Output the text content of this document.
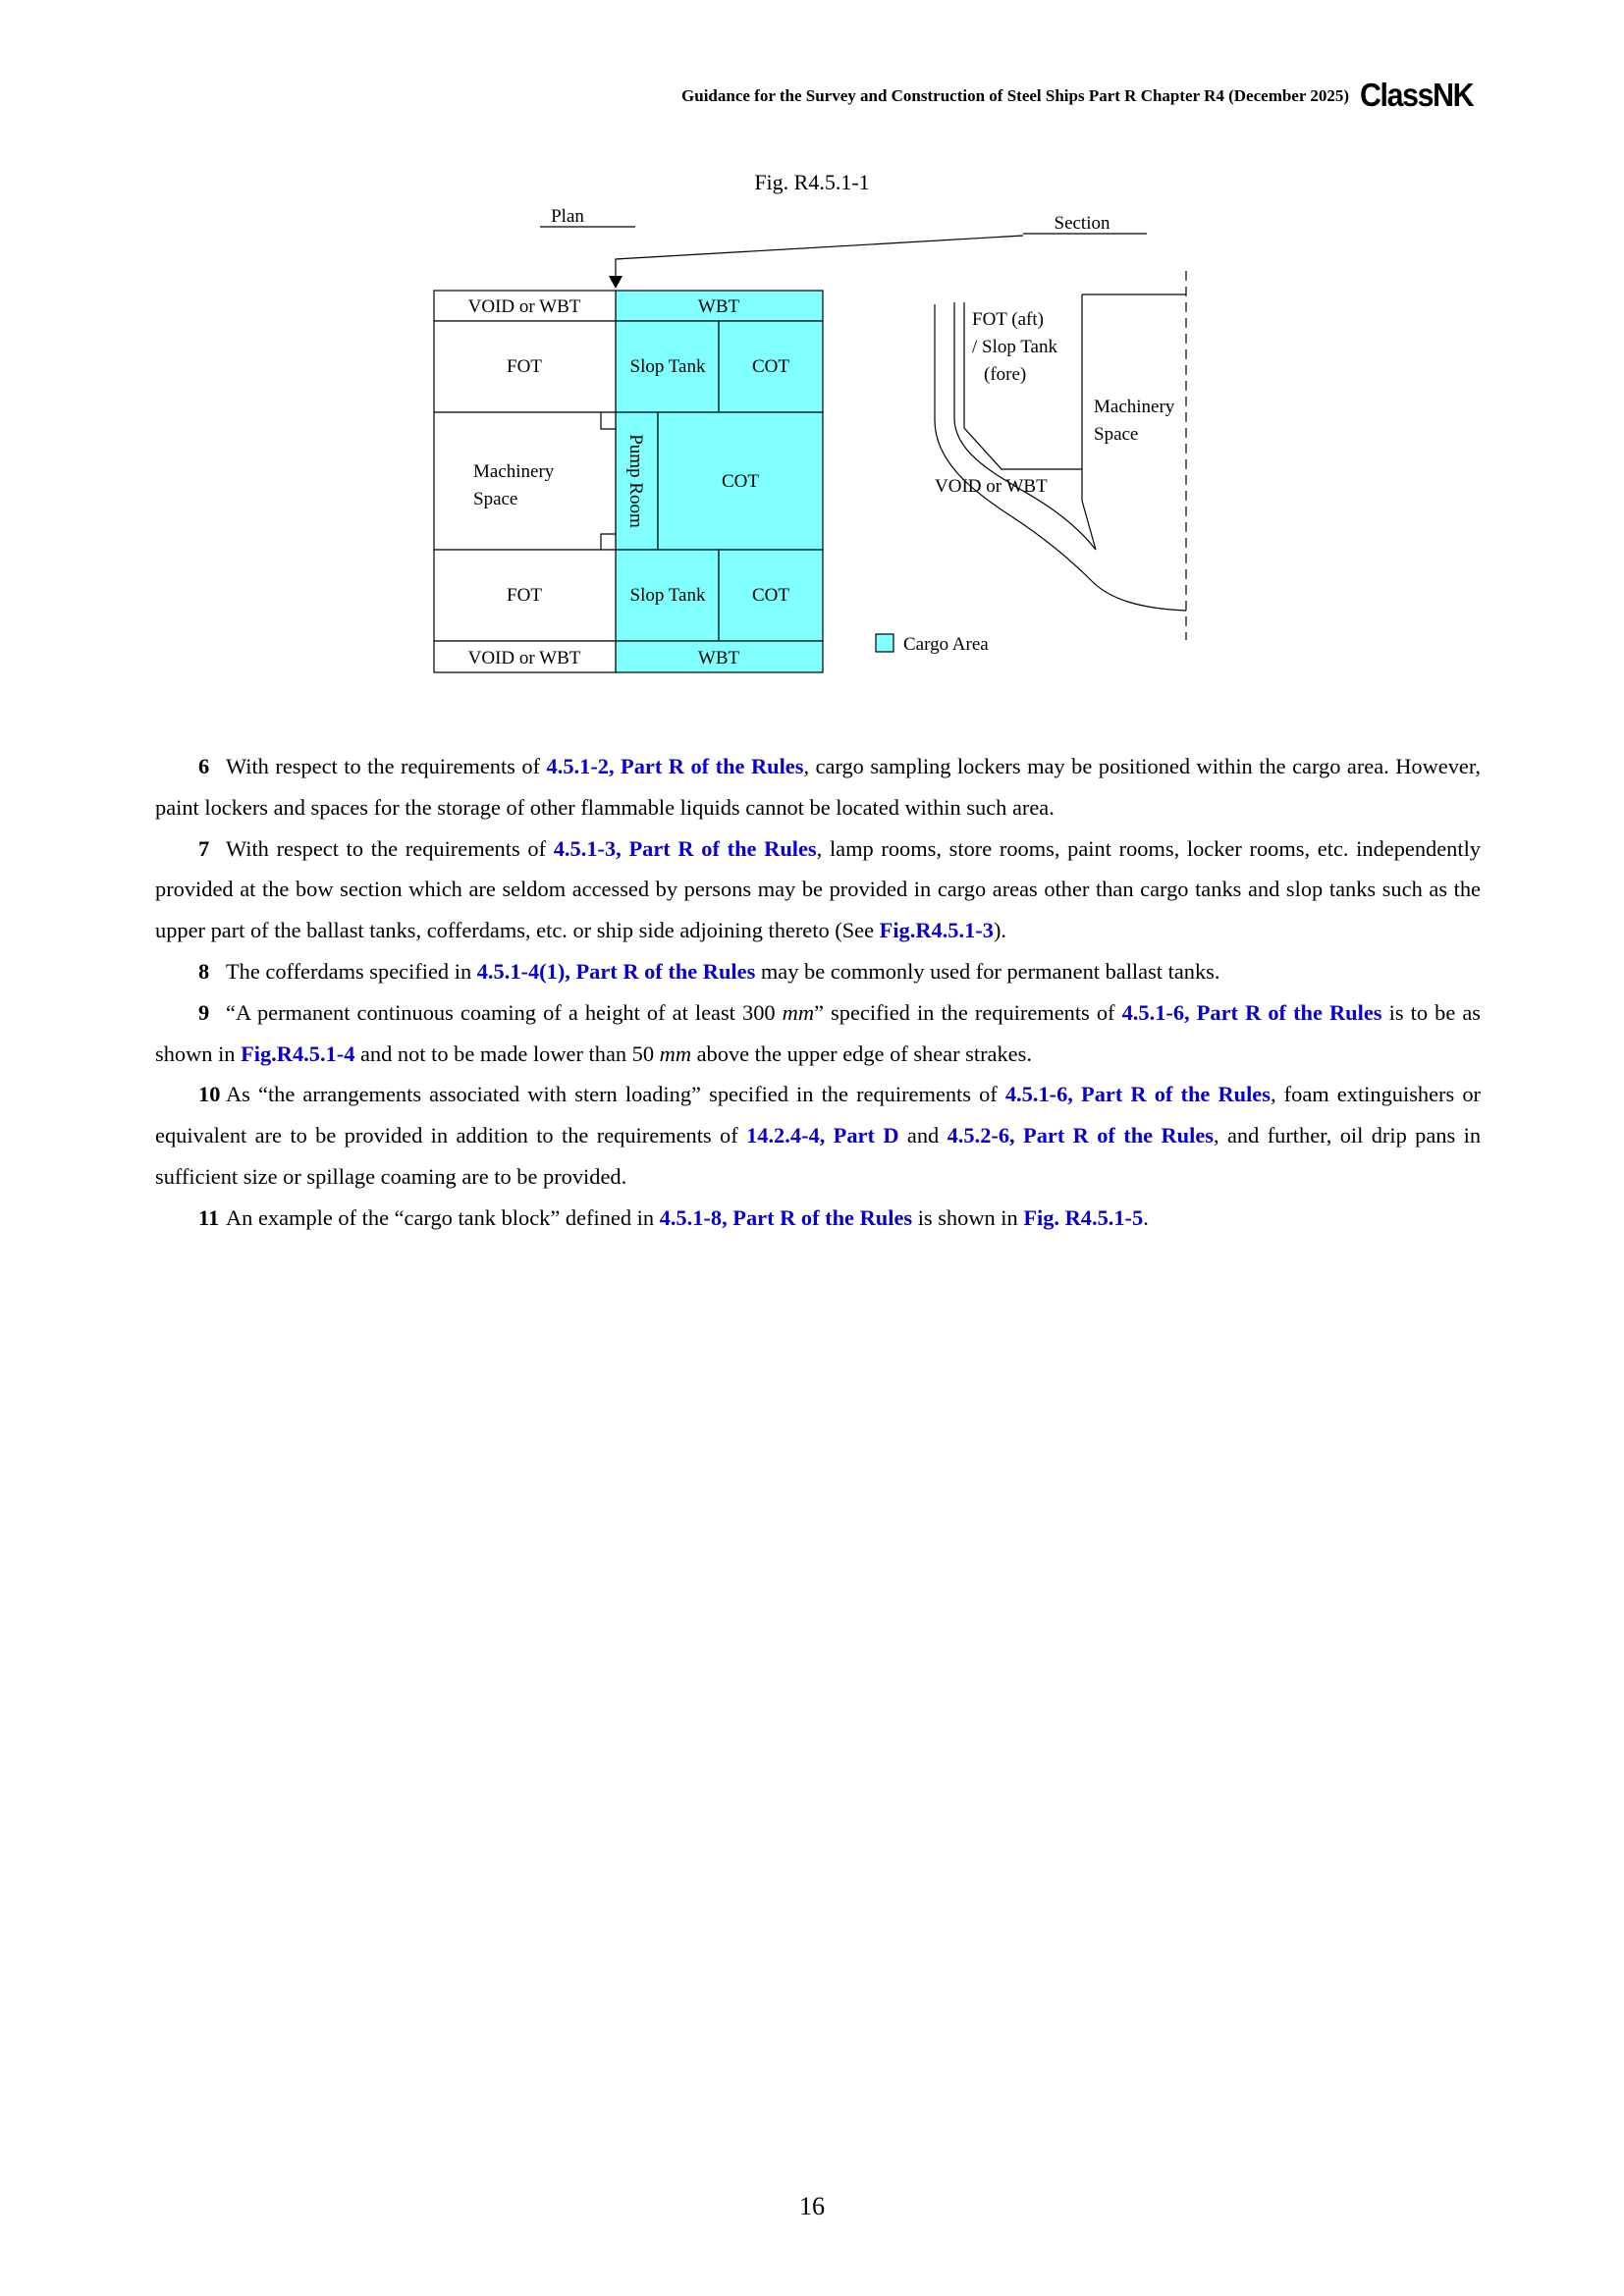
Guidance for the Survey and Construction of Steel Ships Part R Chapter R4 (December 2025) ClassNK
Fig. R4.5.1-1
Plan	Section
VOID or WBT	WBT
FOT	Slop Tank	COT
Machinery
Space	Pump Room	COT
FOT	Slop Tank	COT
VOID or WBT	WBT
FOT (aft)
/ Slop Tank
(fore)
Machinery
Space
VOID or WBT
Cargo Area

6 With respect to the requirements of 4.5.1-2, Part R of the Rules, cargo sampling lockers may be positioned within the cargo area. However, paint lockers and spaces for the storage of other flammable liquids cannot be located within such area.

7 With respect to the requirements of 4.5.1-3, Part R of the Rules, lamp rooms, store rooms, paint rooms, locker rooms, etc. independently provided at the bow section which are seldom accessed by persons may be provided in cargo areas other than cargo tanks and slop tanks such as the upper part of the ballast tanks, cofferdams, etc. or ship side adjoining thereto (See Fig.R4.5.1-3).

8 The cofferdams specified in 4.5.1-4(1), Part R of the Rules may be commonly used for permanent ballast tanks.

9 “A permanent continuous coaming of a height of at least 300 mm” specified in the requirements of 4.5.1-6, Part R of the Rules is to be as shown in Fig.R4.5.1-4 and not to be made lower than 50 mm above the upper edge of shear strakes.

10 As “the arrangements associated with stern loading” specified in the requirements of 4.5.1-6, Part R of the Rules, foam extinguishers or equivalent are to be provided in addition to the requirements of 14.2.4-4, Part D and 4.5.2-6, Part R of the Rules, and further, oil drip pans in sufficient size or spillage coaming are to be provided.

11 An example of the “cargo tank block” defined in 4.5.1-8, Part R of the Rules is shown in Fig. R4.5.1-5.

16
